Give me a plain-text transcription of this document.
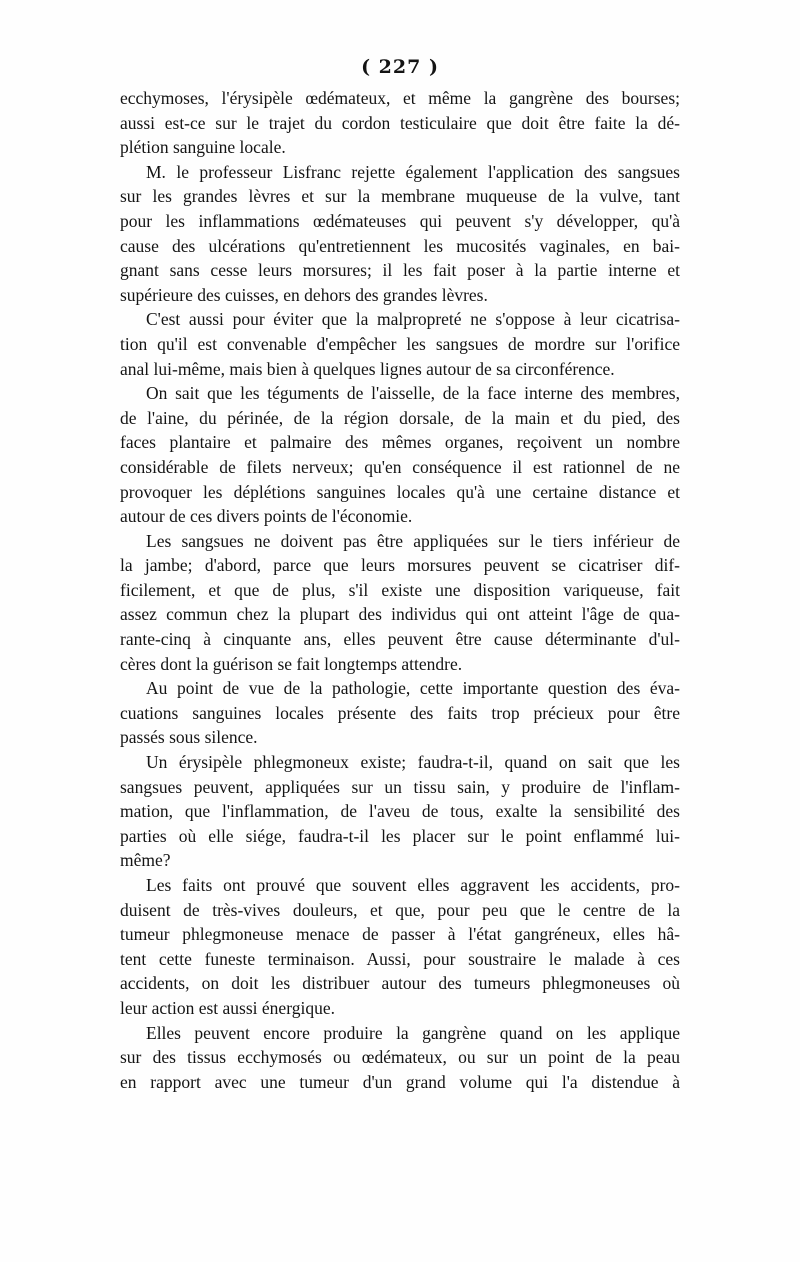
( 227 )
ecchymoses, l'érysipèle œdémateux, et même la gangrène des bourses;
aussi est-ce sur le trajet du cordon testiculaire que doit être faite la dé-
plétion sanguine locale.
M. le professeur Lisfranc rejette également l'application des sangsues
sur les grandes lèvres et sur la membrane muqueuse de la vulve, tant
pour les inflammations œdémateuses qui peuvent s'y développer, qu'à
cause des ulcérations qu'entretiennent les mucosités vaginales, en bai-
gnant sans cesse leurs morsures; il les fait poser à la partie interne et
supérieure des cuisses, en dehors des grandes lèvres.
C'est aussi pour éviter que la malpropreté ne s'oppose à leur cicatrisa-
tion qu'il est convenable d'empêcher les sangsues de mordre sur l'orifice
anal lui-même, mais bien à quelques lignes autour de sa circonférence.
On sait que les téguments de l'aisselle, de la face interne des membres,
de l'aine, du périnée, de la région dorsale, de la main et du pied, des
faces plantaire et palmaire des mêmes organes, reçoivent un nombre
considérable de filets nerveux; qu'en conséquence il est rationnel de ne
provoquer les déplétions sanguines locales qu'à une certaine distance et
autour de ces divers points de l'économie.
Les sangsues ne doivent pas être appliquées sur le tiers inférieur de
la jambe; d'abord, parce que leurs morsures peuvent se cicatriser dif-
ficilement, et que de plus, s'il existe une disposition variqueuse, fait
assez commun chez la plupart des individus qui ont atteint l'âge de qua-
rante-cinq à cinquante ans, elles peuvent être cause déterminante d'ul-
cères dont la guérison se fait longtemps attendre.
Au point de vue de la pathologie, cette importante question des éva-
cuations sanguines locales présente des faits trop précieux pour être
passés sous silence.
Un érysipèle phlegmoneux existe; faudra-t-il, quand on sait que les
sangsues peuvent, appliquées sur un tissu sain, y produire de l'inflam-
mation, que l'inflammation, de l'aveu de tous, exalte la sensibilité des
parties où elle siége, faudra-t-il les placer sur le point enflammé lui-
même?
Les faits ont prouvé que souvent elles aggravent les accidents, pro-
duisent de très-vives douleurs, et que, pour peu que le centre de la
tumeur phlegmoneuse menace de passer à l'état gangréneux, elles hâ-
tent cette funeste terminaison. Aussi, pour soustraire le malade à ces
accidents, on doit les distribuer autour des tumeurs phlegmoneuses où
leur action est aussi énergique.
Elles peuvent encore produire la gangrène quand on les applique
sur des tissus ecchymosés ou œdémateux, ou sur un point de la peau
en rapport avec une tumeur d'un grand volume qui l'a distendue à
